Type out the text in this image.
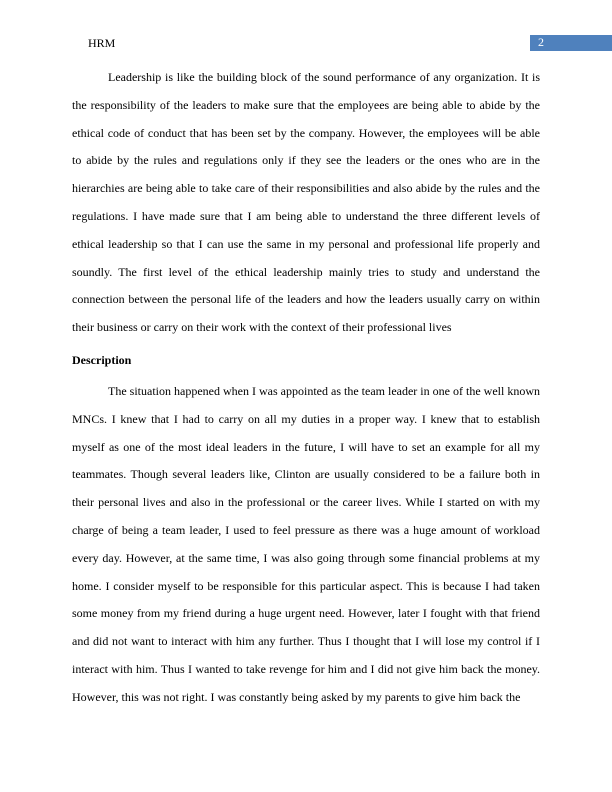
HRM	2

Leadership is like the building block of the sound performance of any organization. It is the responsibility of the leaders to make sure that the employees are being able to abide by the ethical code of conduct that has been set by the company. However, the employees will be able to abide by the rules and regulations only if they see the leaders or the ones who are in the hierarchies are being able to take care of their responsibilities and also abide by the rules and the regulations. I have made sure that I am being able to understand the three different levels of ethical leadership so that I can use the same in my personal and professional life properly and soundly. The first level of the ethical leadership mainly tries to study and understand the connection between the personal life of the leaders and how the leaders usually carry on within their business or carry on their work with the context of their professional lives

Description

The situation happened when I was appointed as the team leader in one of the well known MNCs. I knew that I had to carry on all my duties in a proper way. I knew that to establish myself as one of the most ideal leaders in the future, I will have to set an example for all my teammates. Though several leaders like, Clinton are usually considered to be a failure both in their personal lives and also in the professional or the career lives. While I started on with my charge of being a team leader, I used to feel pressure as there was a huge amount of workload every day. However, at the same time, I was also going through some financial problems at my home. I consider myself to be responsible for this particular aspect. This is because I had taken some money from my friend during a huge urgent need. However, later I fought with that friend and did not want to interact with him any further. Thus I thought that I will lose my control if I interact with him. Thus I wanted to take revenge for him and I did not give him back the money. However, this was not right. I was constantly being asked by my parents to give him back the
